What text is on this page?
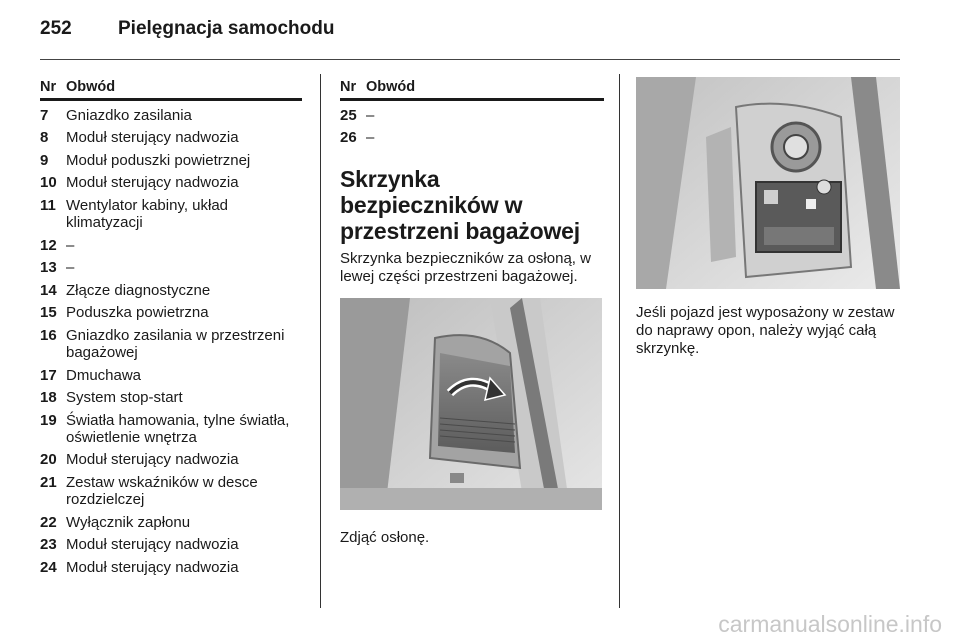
252	Pielęgnacja samochodu
Nr Obwód
7	Gniazdko zasilania
8	Moduł sterujący nadwozia
9	Moduł poduszki powietrznej
10 Moduł sterujący nadwozia
11 Wentylator kabiny, układ klimatyzacji
12 –
13 –
14 Złącze diagnostyczne
15 Poduszka powietrzna
16 Gniazdko zasilania w przestrzeni bagażowej
17 Dmuchawa
18 System stop-start
19 Światła hamowania, tylne światła, oświetlenie wnętrza
20 Moduł sterujący nadwozia
21 Zestaw wskaźników w desce rozdzielczej
22 Wyłącznik zapłonu
23 Moduł sterujący nadwozia
24 Moduł sterujący nadwozia
Nr Obwód
25 –
26 –
Skrzynka bezpieczników w przestrzeni bagażowej

Skrzynka bezpieczników za osłoną, w lewej części przestrzeni bagażowej.

Zdjąć osłonę.

Jeśli pojazd jest wyposażony w zestaw do naprawy opon, należy wyjąć całą skrzynkę.

carmanualsonline.info
